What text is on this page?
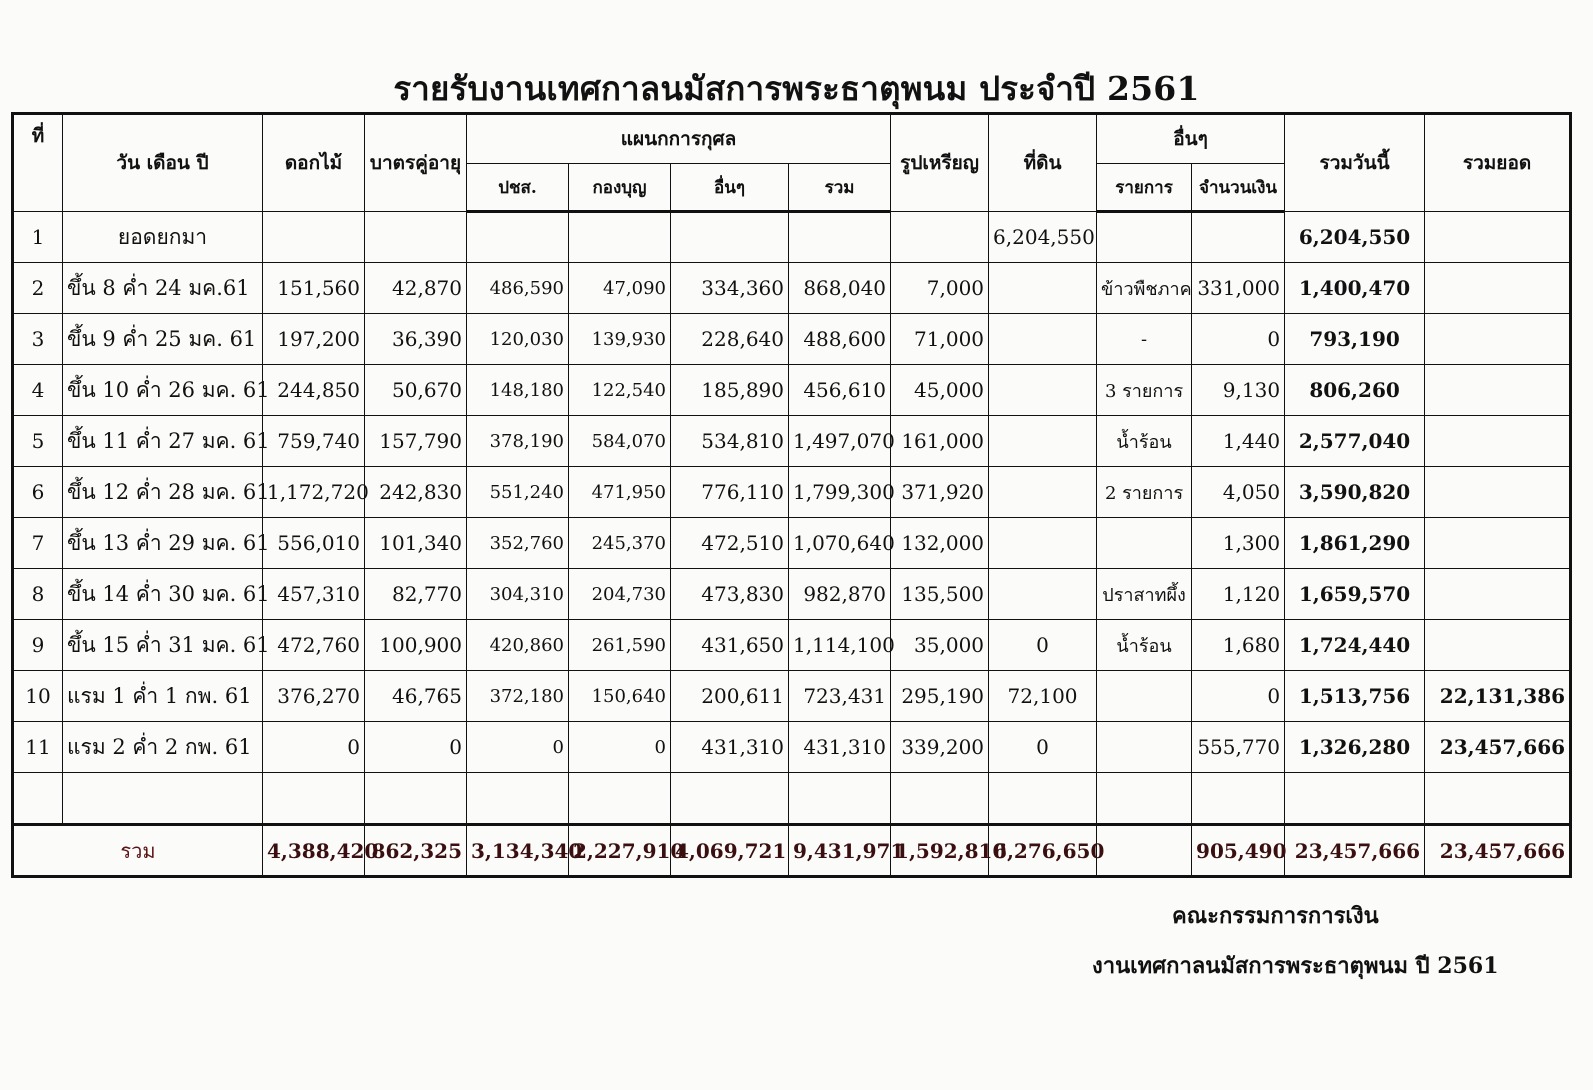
รายรับงานเทศกาลนมัสการพระธาตุพนม ประจำปี 2561
ที่	วัน เดือน ปี	ดอกไม้	บาตรคู่อายุ	แผนกการกุศล				รูปเหรียญ	ที่ดิน	อื่นๆ		รวมวันนี้	รวมยอด
				ปชส.	กองบุญ	อื่นๆ	รวม			รายการ	จำนวนเงิน		
1	ยอดยกมา								6,204,550			6,204,550	
2	ขึ้น 8 ค่ำ 24 มค.61	151,560	42,870	486,590	47,090	334,360	868,040	7,000		ข้าวพืชภาค	331,000	1,400,470	
3	ขึ้น 9 ค่ำ 25 มค. 61	197,200	36,390	120,030	139,930	228,640	488,600	71,000		-	0	793,190	
4	ขึ้น 10 ค่ำ 26 มค. 61	244,850	50,670	148,180	122,540	185,890	456,610	45,000		3 รายการ	9,130	806,260	
5	ขึ้น 11 ค่ำ 27 มค. 61	759,740	157,790	378,190	584,070	534,810	1,497,070	161,000		น้ำร้อน	1,440	2,577,040	
6	ขึ้น 12 ค่ำ 28 มค. 61	1,172,720	242,830	551,240	471,950	776,110	1,799,300	371,920		2 รายการ	4,050	3,590,820	
7	ขึ้น 13 ค่ำ 29 มค. 61	556,010	101,340	352,760	245,370	472,510	1,070,640	132,000			1,300	1,861,290	
8	ขึ้น 14 ค่ำ 30 มค. 61	457,310	82,770	304,310	204,730	473,830	982,870	135,500		ปราสาทผึ้ง	1,120	1,659,570	
9	ขึ้น 15 ค่ำ 31 มค. 61	472,760	100,900	420,860	261,590	431,650	1,114,100	35,000	0	น้ำร้อน	1,680	1,724,440	
10	แรม 1 ค่ำ 1 กพ. 61	376,270	46,765	372,180	150,640	200,611	723,431	295,190	72,100		0	1,513,756	22,131,386
11	แรม 2 ค่ำ 2 กพ. 61	0	0	0	0	431,310	431,310	339,200	0		555,770	1,326,280	23,457,666

รวม		4,388,420	862,325	3,134,340	2,227,910	4,069,721	9,431,971	1,592,810	6,276,650		905,490	23,457,666	23,457,666
คณะกรรมการการเงิน
งานเทศกาลนมัสการพระธาตุพนม ปี 2561
